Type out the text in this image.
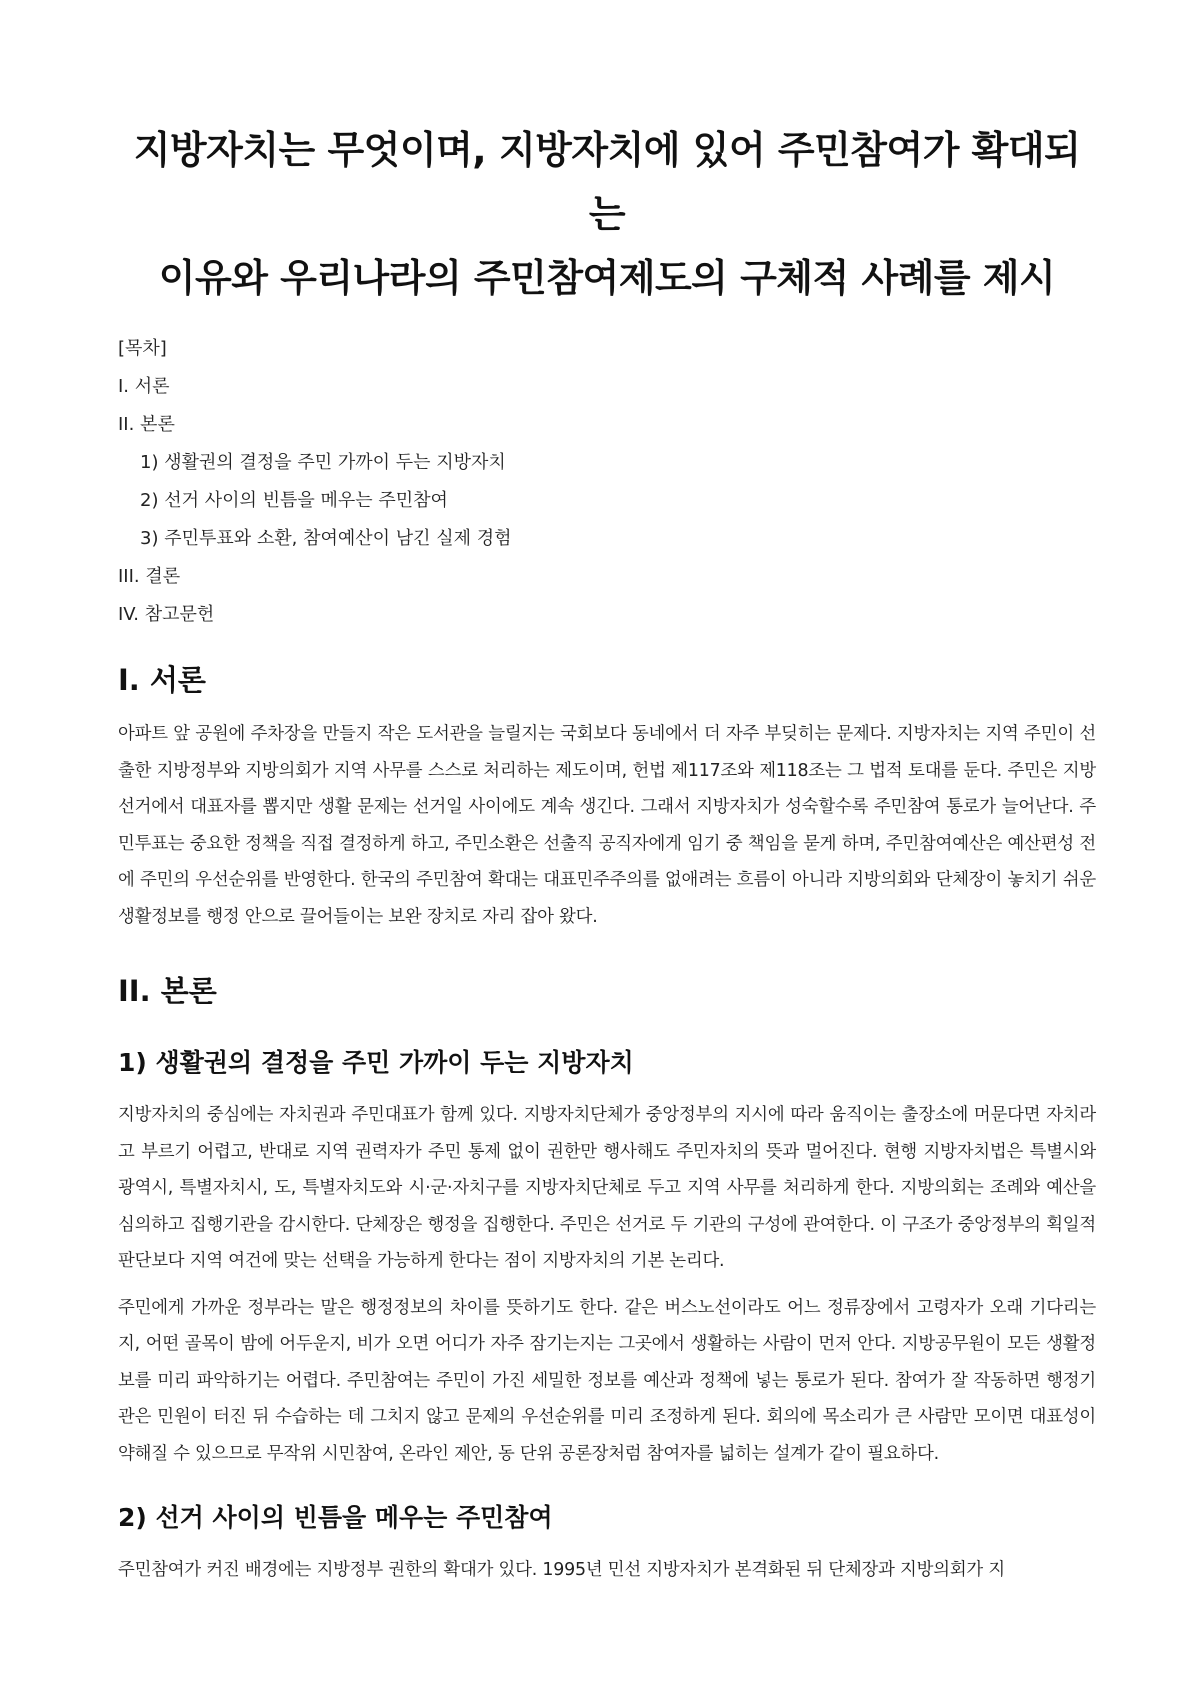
지방자치는 무엇이며, 지방자치에 있어 주민참여가 확대되는
이유와 우리나라의 주민참여제도의 구체적 사례를 제시
[목차]
I. 서론
II. 본론
1) 생활권의 결정을 주민 가까이 두는 지방자치
2) 선거 사이의 빈틈을 메우는 주민참여
3) 주민투표와 소환, 참여예산이 남긴 실제 경험
III. 결론
IV. 참고문헌
I. 서론

아파트 앞 공원에 주차장을 만들지 작은 도서관을 늘릴지는 국회보다 동네에서 더 자주 부딪히는 문제다. 지방자치는 지역 주민이 선출한 지방정부와 지방의회가 지역 사무를 스스로 처리하는 제도이며, 헌법 제117조와 제118조는 그 법적 토대를 둔다. 주민은 지방선거에서 대표자를 뽑지만 생활 문제는 선거일 사이에도 계속 생긴다. 그래서 지방자치가 성숙할수록 주민참여 통로가 늘어난다. 주민투표는 중요한 정책을 직접 결정하게 하고, 주민소환은 선출직 공직자에게 임기 중 책임을 묻게 하며, 주민참여예산은 예산편성 전에 주민의 우선순위를 반영한다. 한국의 주민참여 확대는 대표민주주의를 없애려는 흐름이 아니라 지방의회와 단체장이 놓치기 쉬운 생활정보를 행정 안으로 끌어들이는 보완 장치로 자리 잡아 왔다.

II. 본론
1) 생활권의 결정을 주민 가까이 두는 지방자치

지방자치의 중심에는 자치권과 주민대표가 함께 있다. 지방자치단체가 중앙정부의 지시에 따라 움직이는 출장소에 머문다면 자치라고 부르기 어렵고, 반대로 지역 권력자가 주민 통제 없이 권한만 행사해도 주민자치의 뜻과 멀어진다. 현행 지방자치법은 특별시와 광역시, 특별자치시, 도, 특별자치도와 시·군·자치구를 지방자치단체로 두고 지역 사무를 처리하게 한다. 지방의회는 조례와 예산을 심의하고 집행기관을 감시한다. 단체장은 행정을 집행한다. 주민은 선거로 두 기관의 구성에 관여한다. 이 구조가 중앙정부의 획일적 판단보다 지역 여건에 맞는 선택을 가능하게 한다는 점이 지방자치의 기본 논리다.

주민에게 가까운 정부라는 말은 행정정보의 차이를 뜻하기도 한다. 같은 버스노선이라도 어느 정류장에서 고령자가 오래 기다리는지, 어떤 골목이 밤에 어두운지, 비가 오면 어디가 자주 잠기는지는 그곳에서 생활하는 사람이 먼저 안다. 지방공무원이 모든 생활정보를 미리 파악하기는 어렵다. 주민참여는 주민이 가진 세밀한 정보를 예산과 정책에 넣는 통로가 된다. 참여가 잘 작동하면 행정기관은 민원이 터진 뒤 수습하는 데 그치지 않고 문제의 우선순위를 미리 조정하게 된다. 회의에 목소리가 큰 사람만 모이면 대표성이 약해질 수 있으므로 무작위 시민참여, 온라인 제안, 동 단위 공론장처럼 참여자를 넓히는 설계가 같이 필요하다.

2) 선거 사이의 빈틈을 메우는 주민참여

주민참여가 커진 배경에는 지방정부 권한의 확대가 있다. 1995년 민선 지방자치가 본격화된 뒤 단체장과 지방의회가 지
